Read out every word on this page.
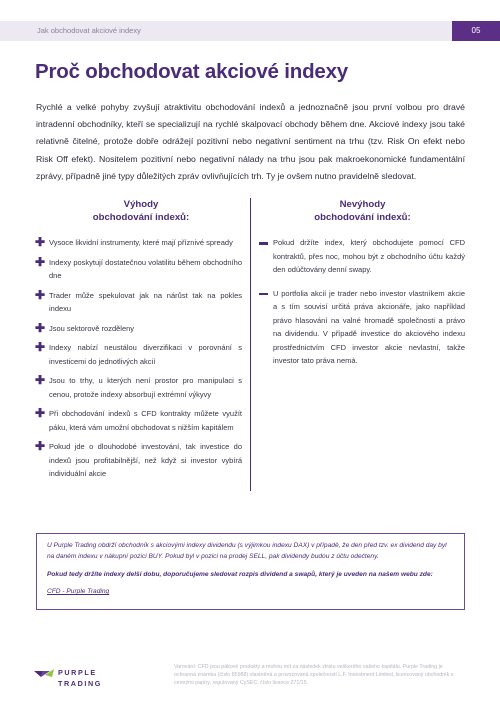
Jak obchodovat akciové indexy	05
Proč obchodovat akciové indexy

Rychlé a velké pohyby zvyšují atraktivitu obchodování indexů a jednoznačně jsou první volbou pro dravé intradenní obchodníky, kteří se specializují na rychlé skalpovací obchody během dne. Akciové indexy jsou také relativně čitelné, protože dobře odrážejí pozitivní nebo negativní sentiment na trhu (tzv. Risk On efekt nebo Risk Off efekt). Nositelem pozitivní nebo negativní nálady na trhu jsou pak makroekonomické fundamentální zprávy, případně jiné typy důležitých zpráv ovlivňujících trh. Ty je ovšem nutno pravidelně sledovat.

Výhody
obchodování indexů:
Nevýhody
obchodování indexů:
✚ Vysoce likvidní instrumenty, které mají příznivé spready
✚ Indexy poskytují dostatečnou volatilitu během obchodního dne
✚ Trader může spekulovat jak na nárůst tak na pokles indexu
✚ Jsou sektorově rozděleny
✚ Indexy nabízí neustálou diverzifikaci v porovnání s investicemi do jednotlivých akcií
✚ Jsou to trhy, u kterých není prostor pro manipulaci s cenou, protože indexy absorbují extrémní výkyvy
✚ Při obchodování indexů s CFD kontrakty můžete využít páku, která vám umožní obchodovat s nižším kapitálem
✚ Pokud jde o dlouhodobé investování, tak investice do indexů jsou profitabilnější, než když si investor vybírá individuální akcie
Pokud držíte index, který obchodujete pomocí CFD kontraktů, přes noc, mohou být z obchodního účtu každý den odúčtovány denní swapy.
U portfolia akcií je trader nebo investor vlastníkem akcie a s tím souvisí určitá práva akcionáře, jako například právo hlasování na valné hromadě společnosti a právo na dividendu. V případě investice do akciového indexu prostřednictvím CFD investor akcie nevlastní, takže investor tato práva nemá.

U Purple Trading obdrží obchodník s akciovými indexy dividendu (s výjimkou indexu DAX) v případě, že den před tzv. ex dividend day byl na daném indexu v nákupní pozici BUY. Pokud byl v pozici na prodej SELL, pak dividendy budou z účtu odečteny.

Pokud tedy držíte indexy delší dobu, doporučujeme sledovat rozpis dividend a swapů, který je uveden na našem webu zde:

CFD - Purple Trading
PURPLE
TRADING

Varování: CFD jsou pákové produkty a mohou mít za následek ztrátu veškerého vašeho kapitálu. Purple Trading je ochranná známka (číslo 85988) vlastněná a provozovaná společností L.F. Investment Limited, licencovaný obchodník s cennými papíry, regulovaný CySEC, číslo licence 271/15.
